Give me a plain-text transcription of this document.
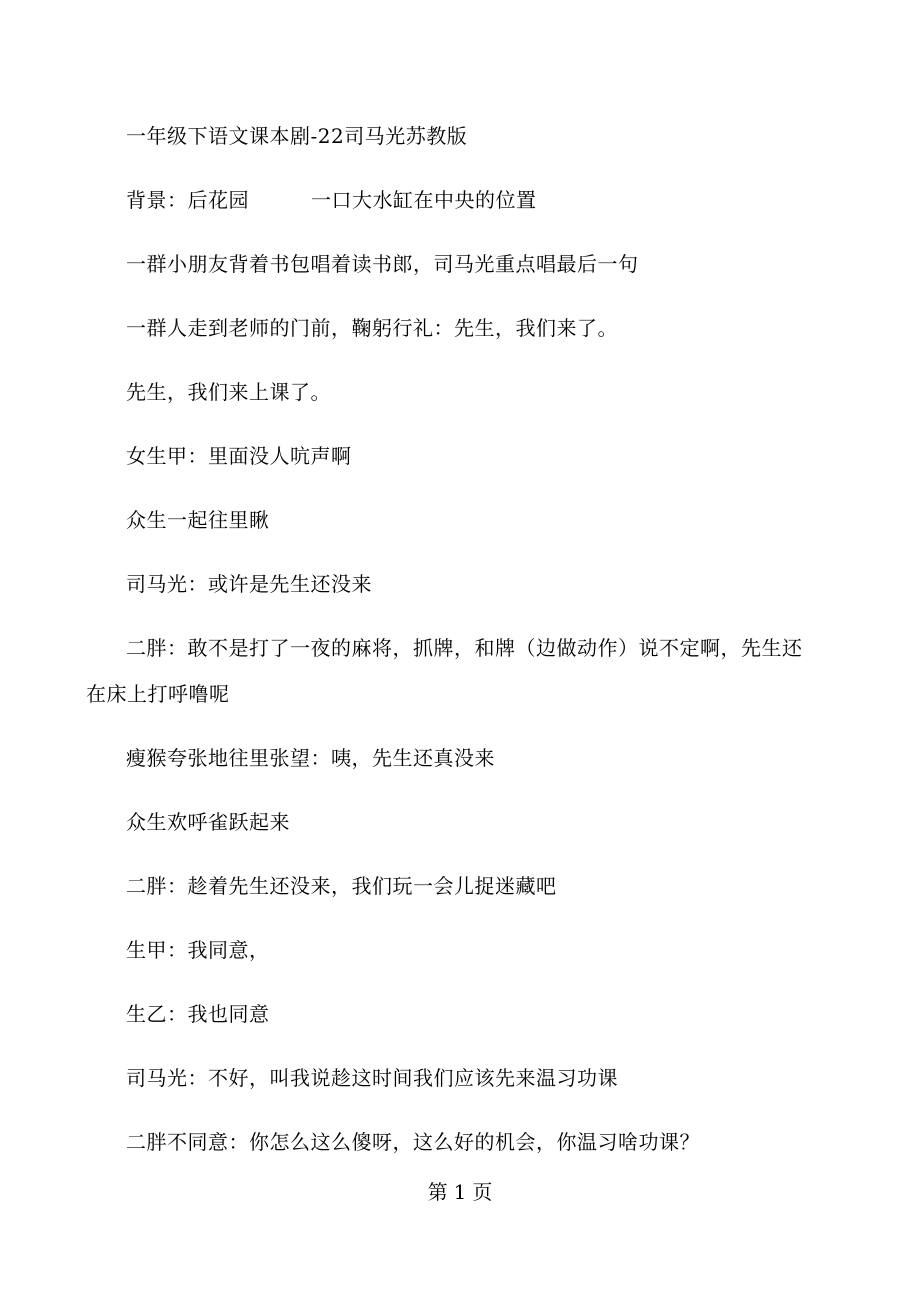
一年级下语文课本剧-22司马光苏教版
背景：后花园	一口大水缸在中央的位置
一群小朋友背着书包唱着读书郎，司马光重点唱最后一句
一群人走到老师的门前，鞠躬行礼：先生，我们来了。
先生，我们来上课了。
女生甲：里面没人吭声啊
众生一起往里瞅
司马光：或许是先生还没来
二胖：敢不是打了一夜的麻将，抓牌，和牌（边做动作）说不定啊，先生还
在床上打呼噜呢
瘦猴夸张地往里张望：咦，先生还真没来
众生欢呼雀跃起来
二胖：趁着先生还没来，我们玩一会儿捉迷藏吧
生甲：我同意，
生乙：我也同意
司马光：不好，叫我说趁这时间我们应该先来温习功课
二胖不同意：你怎么这么傻呀，这么好的机会，你温习啥功课？
第 1 页
